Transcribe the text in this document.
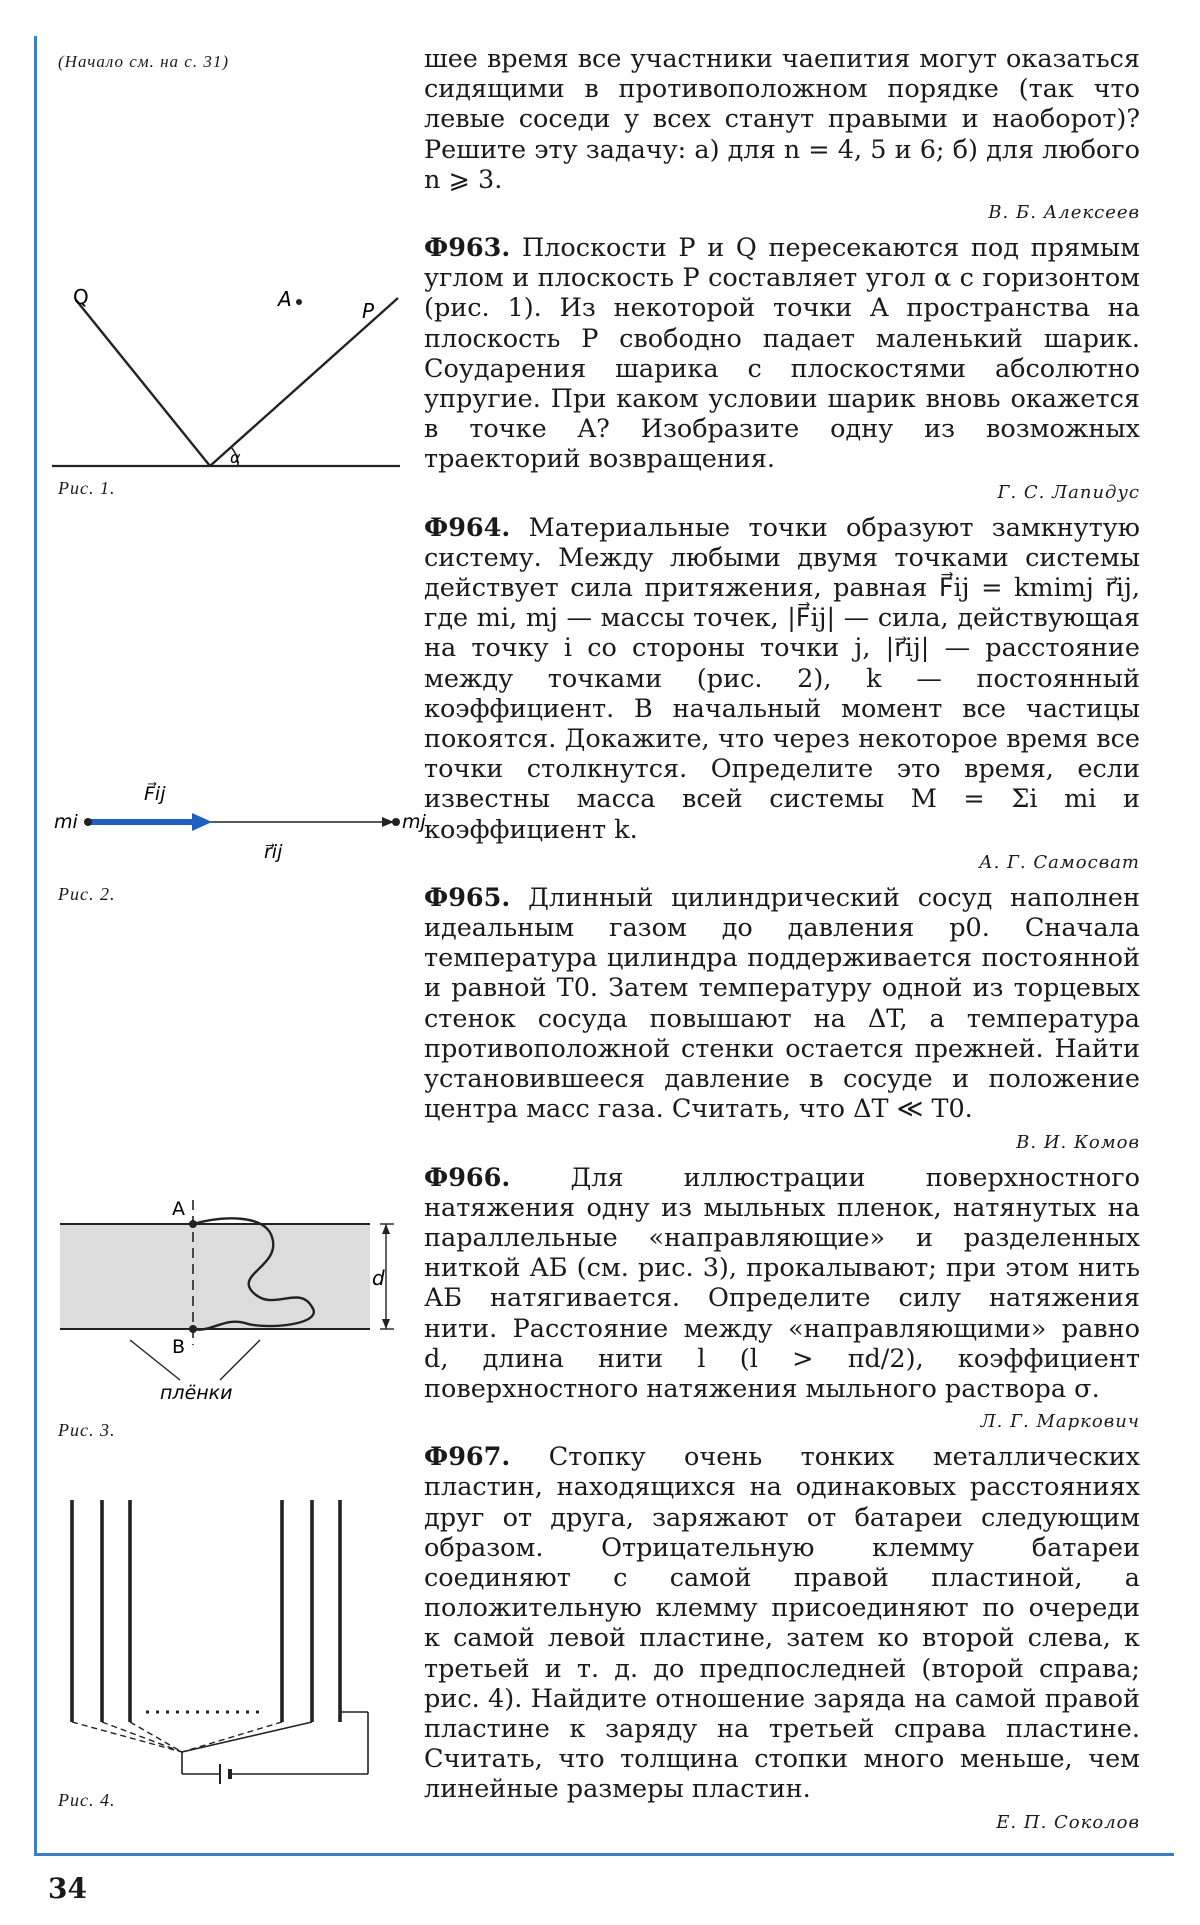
(Начало см. на с. 31)	шее время все участники чаепития могут оказаться сидящими в противоположном порядке (так что левые соседи у всех станут правыми и наоборот)? Решите эту задачу: а) для n = 4, 5 и 6; б) для любого n ⩾ 3.

В. Б. Алексеев

Ф963. Плоскости P и Q пересекаются под прямым углом и плоскость P составляет угол α с горизонтом (рис. 1). Из некоторой точки A пространства на плоскость P свободно падает маленький шарик. Соударения шарика с плоскостями абсолютно упругие. При каком условии шарик вновь окажется в точке A? Изобразите одну из возможных траекторий возвращения.

Г. С. Лапидус

Ф964. Материальные точки образуют замкнутую систему. Между любыми двумя точками системы действует сила притяжения, равная F⃗ij = kmimj r⃗ij, где mi, mj — массы точек, |F⃗ij| — сила, действующая на точку i со стороны точки j, |r⃗ij| — расстояние между точками (рис. 2), k — постоянный коэффициент. В начальный момент все частицы покоятся. Докажите, что через некоторое время все точки столкнутся. Определите это время, если известны масса всей системы M = Σi mi и коэффициент k.

А. Г. Самосват

Ф965. Длинный цилиндрический сосуд наполнен идеальным газом до давления p0. Сначала температура цилиндра поддерживается постоянной и равной T0. Затем температуру одной из торцевых стенок сосуда повышают на ΔT, а температура противоположной стенки остается прежней. Найти установившееся давление в сосуде и положение центра масс газа. Считать, что ΔT ≪ T0.

В. И. Комов

Ф966. Для иллюстрации поверхностного натяжения одну из мыльных пленок, натянутых на параллельные «направляющие» и разделенных ниткой АБ (см. рис. 3), прокалывают; при этом нить АБ натягивается. Определите силу натяжения нити. Расстояние между «направляющими» равно d, длина нити l (l > πd/2), коэффициент поверхностного натяжения мыльного раствора σ.

Л. Г. Маркович

Ф967. Стопку очень тонких металлических пластин, находящихся на одинаковых расстояниях друг от друга, заряжают от батареи следующим образом. Отрицательную клемму батареи соединяют с самой правой пластиной, а положительную клемму присоединяют по очереди к самой левой пластине, затем ко второй слева, к третьей и т. д. до предпоследней (второй справа; рис. 4). Найдите отношение заряда на самой правой пластине к заряду на третьей справа пластине. Считать, что толщина стопки много меньше, чем линейные размеры пластин.

Е. П. Соколов
Q
P
A
α
Рис. 1.
mi	mj
F⃗ij
r⃗ij
Рис. 2.
d
A
B
плёнки
Рис. 3.
Рис. 4.
34
